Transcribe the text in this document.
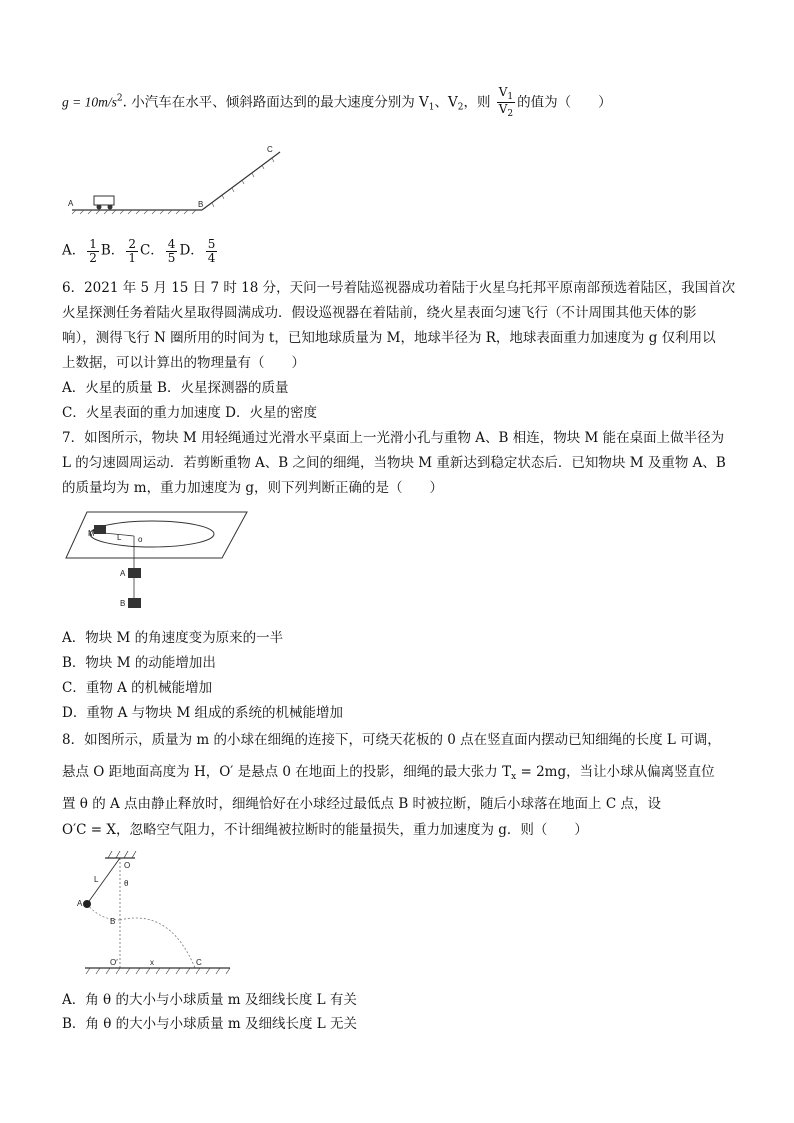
$g = 10m/s^2$. 小汽车在水平、倾斜路面达到的最大速度分别为 $V_1$、$V_2$，则 $\frac{V_1}{V_2}$ 的值为（　　）
A	B
C
A． $\frac{1}{2}$ B． $\frac{2}{1}$ C． $\frac{4}{5}$ D． $\frac{5}{4}$
6．2021 年 5 月 15 日 7 时 18 分，天问一号着陆巡视器成功着陆于火星乌托邦平原南部预选着陆区，我国首次
火星探测任务着陆火星取得圆满成功．假设巡视器在着陆前，绕火星表面匀速飞行（不计周围其他天体的影
响），测得飞行 N 圈所用的时间为 t，已知地球质量为 M，地球半径为 R，地球表面重力加速度为 g 仅利用以
上数据，可以计算出的物理量有（　　）
A．火星的质量 B．火星探测器的质量
C．火星表面的重力加速度 D．火星的密度
7．如图所示，物块 M 用轻绳通过光滑水平桌面上一光滑小孔与重物 A、B 相连，物块 M 能在桌面上做半径为
L 的匀速圆周运动．若剪断重物 A、B 之间的细绳，当物块 M 重新达到稳定状态后．已知物块 M 及重物 A、B
的质量均为 m，重力加速度为 g，则下列判断正确的是（　　）
M	L o
A
B
A．物块 M 的角速度变为原来的一半
B．物块 M 的动能增加出
C．重物 A 的机械能增加
D．重物 A 与物块 M 组成的系统的机械能增加
8．如图所示，质量为 m 的小球在细绳的连接下，可绕天花板的 0 点在竖直面内摆动已知细绳的长度 L 可调，
悬点 O 距地面高度为 H，O′ 是悬点 0 在地面上的投影，细绳的最大张力 $T_x = 2mg$，当让小球从偏离竖直位
置 θ 的 A 点由静止释放时，细绳恰好在小球经过最低点 B 时被拉断，随后小球落在地面上 C 点，设
O′C = X，忽略空气阻力，不计细绳被拉断时的能量损失，重力加速度为 g．则（　　）
O
L	θ
A
B
O′	x	C
A．角 θ 的大小与小球质量 m 及细线长度 L 有关
B．角 θ 的大小与小球质量 m 及细线长度 L 无关
